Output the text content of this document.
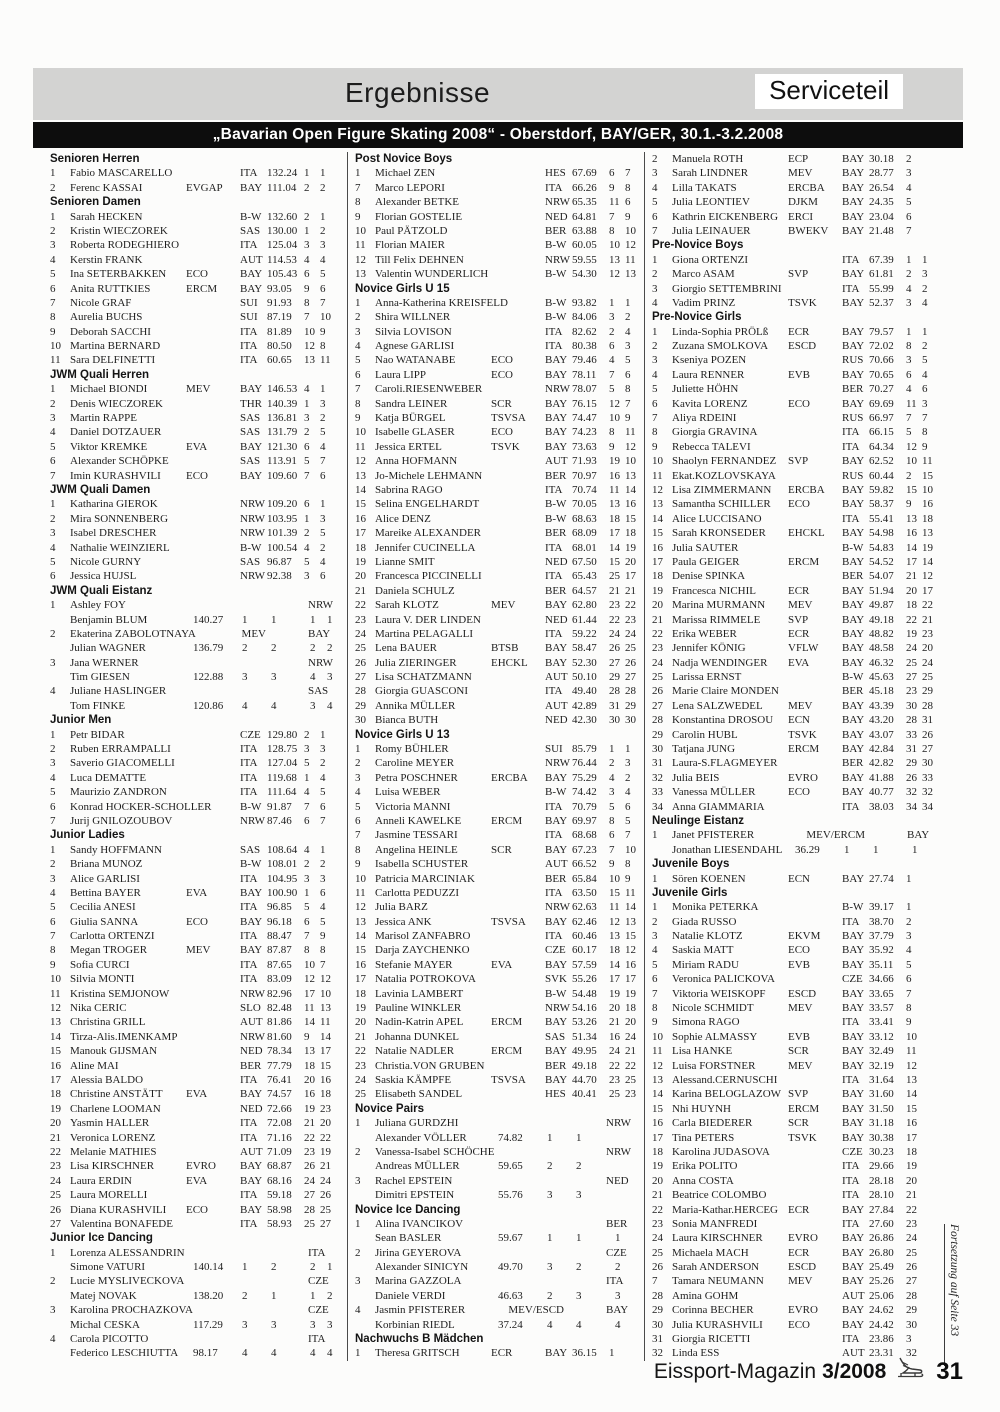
Ergebnisse	Serviceteil
„Bavarian Open Figure Skating 2008“ - Oberstdorf, BAY/GER, 30.1.-3.2.2008
Senioren Herren
1	Fabio MASCARELLO	ITA 132.24 1 1
2	Ferenc KASSAI	EVGAP	BAY 111.04 2 2
Senioren Damen
1	Sarah HECKEN	B-W 132.60 2 1
2	Kristin WIECZOREK	SAS 130.00 1 2
3	Roberta RODEGHIERO	ITA 125.04 3 3
4	Kerstin FRANK	AUT 114.53 4 4
5	Ina SETERBAKKEN	ECO	BAY 105.43 6 5
6	Anita RUTTKIES	ERCM	BAY 93.05	9 6
7	Nicole GRAF	SUI 91.93	8 7
8	Aurelia BUCHS	SUI 87.19	7 10
9	Deborah SACCHI	ITA 81.89	10 9
10 Martina BERNARD	ITA 80.50	12 8
11 Sara DELFINETTI	ITA 60.65	13 11
JWM Quali Herren
1	Michael BIONDI	MEV	BAY 146.53 4 1
2	Denis WIECZOREK	THR 140.39 1 3
3	Martin RAPPE	SAS 136.81 3 2
4	Daniel DOTZAUER	SAS 131.79 2 5
5	Viktor KREMKE	EVA	BAY 121.30 6 4
6	Alexander SCHÖPKE	SAS 113.91 5 7
7	Imin KURASHVILI	ECO	BAY 109.60 7 6
JWM Quali Damen
1	Katharina GIEROK	NRW 109.20 6 1
2	Mira SONNENBERG	NRW 103.95 1 3
3	Isabel DRESCHER	NRW 101.39 2 5
4	Nathalie WEINZIERL	B-W 100.54 4 2
5	Nicole GURNY	SAS 96.87	5 4
6	Jessica HUJSL	NRW 92.38	3 6
JWM Quali Eistanz
1	Ashley FOY	NRW
Benjamin BLUM	140.27	1	1	1	1
2	Ekaterina ZABOLOTNAYA	MEV	BAY
Julian WAGNER	136.79	2	2	2	2
3	Jana WERNER	NRW
Tim GIESEN	122.88	3	3	4	3
4	Juliane HASLINGER	SAS
Tom FINKE	120.86	4	4	3	4
Junior Men
1	Petr BIDAR	CZE 129.80 2 1
2	Ruben ERRAMPALLI	ITA 128.75 3 3
3	Saverio GIACOMELLI	ITA 127.04 5 2
4	Luca DEMATTE	ITA 119.68 1 4
5	Maurizio ZANDRON	ITA 111.64 4 5
6	Konrad HOCKER-SCHOLLER	B-W 91.87	7 6
7	Jurij GNILOZOUBOV	NRW 87.46	6 7
Junior Ladies
1	Sandy HOFFMANN	SAS 108.64 4 1
2	Briana MUNOZ	B-W 108.01 2 2
3	Alice GARLISI	ITA 104.95 3 3
4	Bettina BAYER	EVA	BAY 100.90 1 6
5	Cecilia ANESI	ITA 96.85	5 4
6	Giulia SANNA	ECO	BAY 96.18	6 5
7	Carlotta ORTENZI	ITA 88.47	7 9
8	Megan TROGER	MEV	BAY 87.87	8 8
9	Sofia CURCI	ITA 87.65	10 7
10 Silvia MONTI	ITA 83.09	12 12
11 Kristina SEMJONOW	NRW 82.96	17 10
12 Nika CERIC	SLO 82.48	11 13
13 Christina GRILL	AUT 81.86	14 11
14 Tirza-Alis.IMENKAMP	NRW 81.60	9 14
15 Manouk GIJSMAN	NED 78.34	13 17
16 Aline MAI	BER 77.79	18 15
17 Alessia BALDO	ITA 76.41	20 16
18 Christine ANSTÄTT	EVA	BAY 74.57	16 18
19 Charlene LOOMAN	NED 72.66	19 23
20 Yasmin HALLER	ITA 72.08	21 20
21 Veronica LORENZ	ITA 71.16	22 22
22 Melanie MATHIES	AUT 71.09	23 19
23 Lisa KIRSCHNER	EVRO	BAY 68.87	26 21
24 Laura ERDIN	EVA	BAY 68.16	24 24
25 Laura MORELLI	ITA 59.18	27 26
26 Diana KURASHVILI	ECO	BAY 58.98	28 25
27 Valentina BONAFEDE	ITA 58.93	25 27
Junior Ice Dancing
1	Lorenza ALESSANDRIN	ITA
Simone VATURI	140.14	1	2	2	1
2	Lucie MYSLIVECKOVA	CZE
Matej NOVAK	138.20	2	1	1	2
3	Karolina PROCHAZKOVA	CZE
Michal CESKA	117.29	3	3	3	3
4	Carola PICOTTO	ITA
Federico LESCHIUTTA	98.17	4	4	4	4
Post Novice Boys
1	Michael ZEN	HES 67.69	6 7
7	Marco LEPORI	ITA 66.26	9 8
8	Alexander BETKE	NRW 65.35	11 6
9	Florian GOSTELIE	NED 64.81	7 9
10 Paul PÄTZOLD	BER 63.88	8 10
11 Florian MAIER	B-W 60.05	10 12
12 Till Felix DEHNEN	NRW 59.55	13 11
13 Valentin WUNDERLICH	B-W 54.30	12 13
Novice Girls U 15
1	Anna-Katherina KREISFELD	B-W 93.82	1 1
2	Shira WILLNER	B-W 84.06	3 2
3	Silvia LOVISON	ITA 82.62	2 4
4	Agnese GARLISI	ITA 80.38	6 3
5	Nao WATANABE	ECO	BAY 79.46	4 5
6	Laura LIPP	ECO	BAY 78.11	7 6
7	Caroli.RIESENWEBER	NRW 78.07	5 8
8	Sandra LEINER	SCR	BAY 76.15	12 7
9	Katja BÜRGEL	TSVSA	BAY 74.47	10 9
10 Isabelle GLASER	ECO	BAY 74.23	8 11
11 Jessica ERTEL	TSVK	BAY 73.63	9 12
12 Anna HOFMANN	AUT 71.93	19 10
13 Jo-Michele LEHMANN	BER 70.97	16 13
14 Sabrina RAGO	ITA 70.74	11 14
15 Selina ENGELHARDT	B-W 70.05	13 16
16 Alice DENZ	B-W 68.63	18 15
17 Mareike ALEXANDER	BER 68.09	17 18
18 Jennifer CUCINELLA	ITA 68.01	14 19
19 Lianne SMIT	NED 67.50	15 20
20 Francesca PICCINELLI	ITA 65.43	25 17
21 Daniela SCHULZ	BER 64.57	21 21
22 Sarah KLOTZ	MEV	BAY 62.80	23 22
23 Laura V. DER LINDEN	NED 61.44	22 23
24 Martina PELAGALLI	ITA 59.22	24 24
25 Lena BAUER	BTSB	BAY 58.47	26 25
26 Julia ZIERINGER	EHCKL	BAY 52.30	27 26
27 Lisa SCHATZMANN	AUT 50.10	29 27
28 Giorgia GUASCONI	ITA 49.40	28 28
29 Annika MÜLLER	AUT 42.89	31 29
30 Bianca BUTH	NED 42.30	30 30
Novice Girls U 13
1	Romy BÜHLER	SUI 85.79	1 1
2	Caroline MEYER	NRW 76.44	2 3
3	Petra POSCHNER	ERCBA	BAY 75.29	4 2
4	Luisa WEBER	B-W 74.42	3 4
5	Victoria MANNI	ITA 70.79	5 6
6	Anneli KAWELKE	ERCM	BAY 69.97	8 5
7	Jasmine TESSARI	ITA 68.68	6 7
8	Angelina HEINLE	SCR	BAY 67.23	7 10
9	Isabella SCHUSTER	AUT 66.52	9 8
10 Patricia MARCINIAK	BER 65.84	10 9
11 Carlotta PEDUZZI	ITA 63.50	15 11
12 Julia BARZ	NRW 62.63	11 14
13 Jessica ANK	TSVSA	BAY 62.46	12 13
14 Marisol ZANFABRO	ITA 60.46	13 15
15 Darja ZAYCHENKO	CZE 60.17	18 12
16 Stefanie MAYER	EVA	BAY 57.59	14 16
17 Natalia POTROKOVA	SVK 55.26	17 17
18 Lavinia LAMBERT	B-W 54.48	19 19
19 Pauline WINKLER	NRW 54.16	20 18
20 Nadin-Katrin APEL	ERCM	BAY 53.26	21 20
21 Johanna DUNKEL	SAS 51.34	16 24
22 Natalie NADLER	ERCM	BAY 49.95	24 21
23 Christia.VON GRUBEN	BER 49.18	22 22
24 Saskia KÄMPFE	TSVSA	BAY 44.70	23 25
25 Elisabeth SANDEL	HES 40.41	25 23
Novice Pairs
1	Juliana GURDZHI	NRW
Alexander VÖLLER	74.82	1	1
2	Vanessa-Isabel SCHÖCHE	NRW
Andreas MÜLLER	59.65	2	2
3	Rachel EPSTEIN	NED
Dimitri EPSTEIN	55.76	3	3
Novice Ice Dancing
1	Alina IVANCIKOV	BER
Sean BASLER	59.67	1	1	1
2	Jirina GEYEROVA	CZE
Alexander SINICYN	49.70	3	2	2
3	Marina GAZZOLA	ITA
Daniele VERDI	46.63	2	3	3
4	Jasmin PFISTERER	MEV/ESCD	BAY
Korbinian RIEDL	37.24	4	4	4
Nachwuchs B Mädchen
1	Theresa GRITSCH	ECR	BAY 36.15	1
2	Manuela ROTH	ECP	BAY 30.18	2
3	Sarah LINDNER	MEV	BAY 28.77	3
4	Lilla TAKATS	ERCBA	BAY 26.54	4
5	Julia LEONTIEV	DJKM	BAY 24.35	5
6	Kathrin EICKENBERG ERCI	BAY 23.04	6
7	Julia LEINAUER	BWEKV	BAY 21.48	7
Pre-Novice Boys
1	Giona ORTENZI	ITA 67.39	1 1
2	Marco ASAM	SVP	BAY 61.81	2 3
3	Giorgio SETTEMBRINI	ITA 55.99	4 2
4	Vadim PRINZ	TSVK	BAY 52.37	3 4
Pre-Novice Girls
1	Linda-Sophia PRÖLß	ECR	BAY 79.57	1 1
2	Zuzana SMOLKOVA	ESCD	BAY 72.02	8 2
3	Kseniya POZEN	RUS 70.66	3 5
4	Laura RENNER	EVB	BAY 70.65	6 4
5	Juliette HÖHN	BER 70.27	4 6
6	Kavita LORENZ	ECO	BAY 69.69	11 3
7	Aliya RDEINI	RUS 66.97	7 7
8	Giorgia GRAVINA	ITA 66.15	5 8
9	Rebecca TALEVI	ITA 64.34	12 9
10 Shaolyn FERNANDEZ	SVP	BAY 62.52	10 11
11 Ekat.KOZLOVSKAYA	RUS 60.44	2 15
12 Lisa ZIMMERMANN	ERCBA	BAY 59.82	15 10
13 Samantha SCHILLER	ECO	BAY 58.37	9 16
14 Alice LUCCISANO	ITA 55.41	13 18
15 Sarah KRONSEDER	EHCKL	BAY 54.98	16 13
16 Julia SAUTER	B-W 54.83	14 19
17 Paula GEIGER	ERCM	BAY 54.52	17 14
18 Denise SPINKA	BER 54.07	21 12
19 Francesca NICHIL	ECR	BAY 51.94	20 17
20 Marina MURMANN	MEV	BAY 49.87	18 22
21 Marissa RIMMELE	SVP	BAY 49.18	22 21
22 Erika WEBER	ECR	BAY 48.82	19 23
23 Jennifer KÖNIG	VFLW	BAY 48.58	24 20
24 Nadja WENDINGER	EVA	BAY 46.32	25 24
25 Larissa ERNST	B-W 45.63	27 25
26 Marie Claire MONDEN	BER 45.18	23 29
27 Lena SALZWEDEL	MEV	BAY 43.39	30 28
28 Konstantina DROSOU	ECN	BAY 43.20	28 31
29 Carolin HUBL	TSVK	BAY 43.07	33 26
30 Tatjana JUNG	ERCM	BAY 42.84	31 27
31 Laura-S.FLAGMEYER	BER 42.82	29 30
32 Julia BEIS	EVRO	BAY 41.88	26 33
33 Vanessa MÜLLER	ECO	BAY 40.77	32 32
34 Anna GIAMMARIA	ITA 38.03	34 34
Neulinge Eistanz
1	Janet PFISTERER	MEV/ERCM	BAY
Jonathan LIESENDAHL	36.29	1	1	1
Juvenile Boys
1	Sören KOENEN	ECN	BAY 27.74	1
Juvenile Girls
1	Monika PETERKA	B-W 39.17	1
2	Giada RUSSO	ITA 38.70	2
3	Natalie KLOTZ	EKVM	BAY 37.79	3
4	Saskia MATT	ECO	BAY 35.92	4
5	Miriam RADU	EVB	BAY 35.11	5
6	Veronica PALICKOVA	CZE 34.66	6
7	Viktoria WEISKOPF	ESCD	BAY 33.65	7
8	Nicole SCHMIDT	MEV	BAY 33.57	8
9	Simona RAGO	ITA 33.41	9
10 Sophie ALMASSY	EVB	BAY 33.12	10
11 Lisa HANKE	SCR	BAY 32.49	11
12 Luisa FORSTNER	MEV	BAY 32.19	12
13 Alessand.CERNUSCHI	ITA 31.64	13
14 Karina BELOGLAZOW SVP	BAY 31.60	14
15 Nhi HUYNH	ERCM	BAY 31.50	15
16 Carla BIEDERER	SCR	BAY 31.18	16
17 Tina PETERS	TSVK	BAY 30.38	17
18 Karolina JUDASOVA	CZE 30.23	18
19 Erika POLITO	ITA 29.66	19
20 Anna COSTA	ITA 28.18	20
21 Beatrice COLOMBO	ITA 28.10	21
22 Maria-Kathar.HERCEG ECR	BAY 27.84	22
23 Sonia MANFREDI	ITA 27.60	23
24 Laura KIRSCHNER	EVRO	BAY 26.86	24
25 Michaela MACH	ECR	BAY 26.80	25
26 Sarah ANDERSON	ESCD	BAY 25.49	26
7	Tamara NEUMANN	MEV	BAY 25.26	27
28 Amina GOHM	AUT 25.06	28
29 Corinna BECHER	EVRO	BAY 24.62	29
30 Julia KURASHVILI	ECO	BAY 24.42	30
31 Giorgia RICETTI	ITA 23.86	3
32 Linda ESS	AUT 23.31	32
Fortsetzung auf Seite 33
Eissport-Magazin 3/2008 31
